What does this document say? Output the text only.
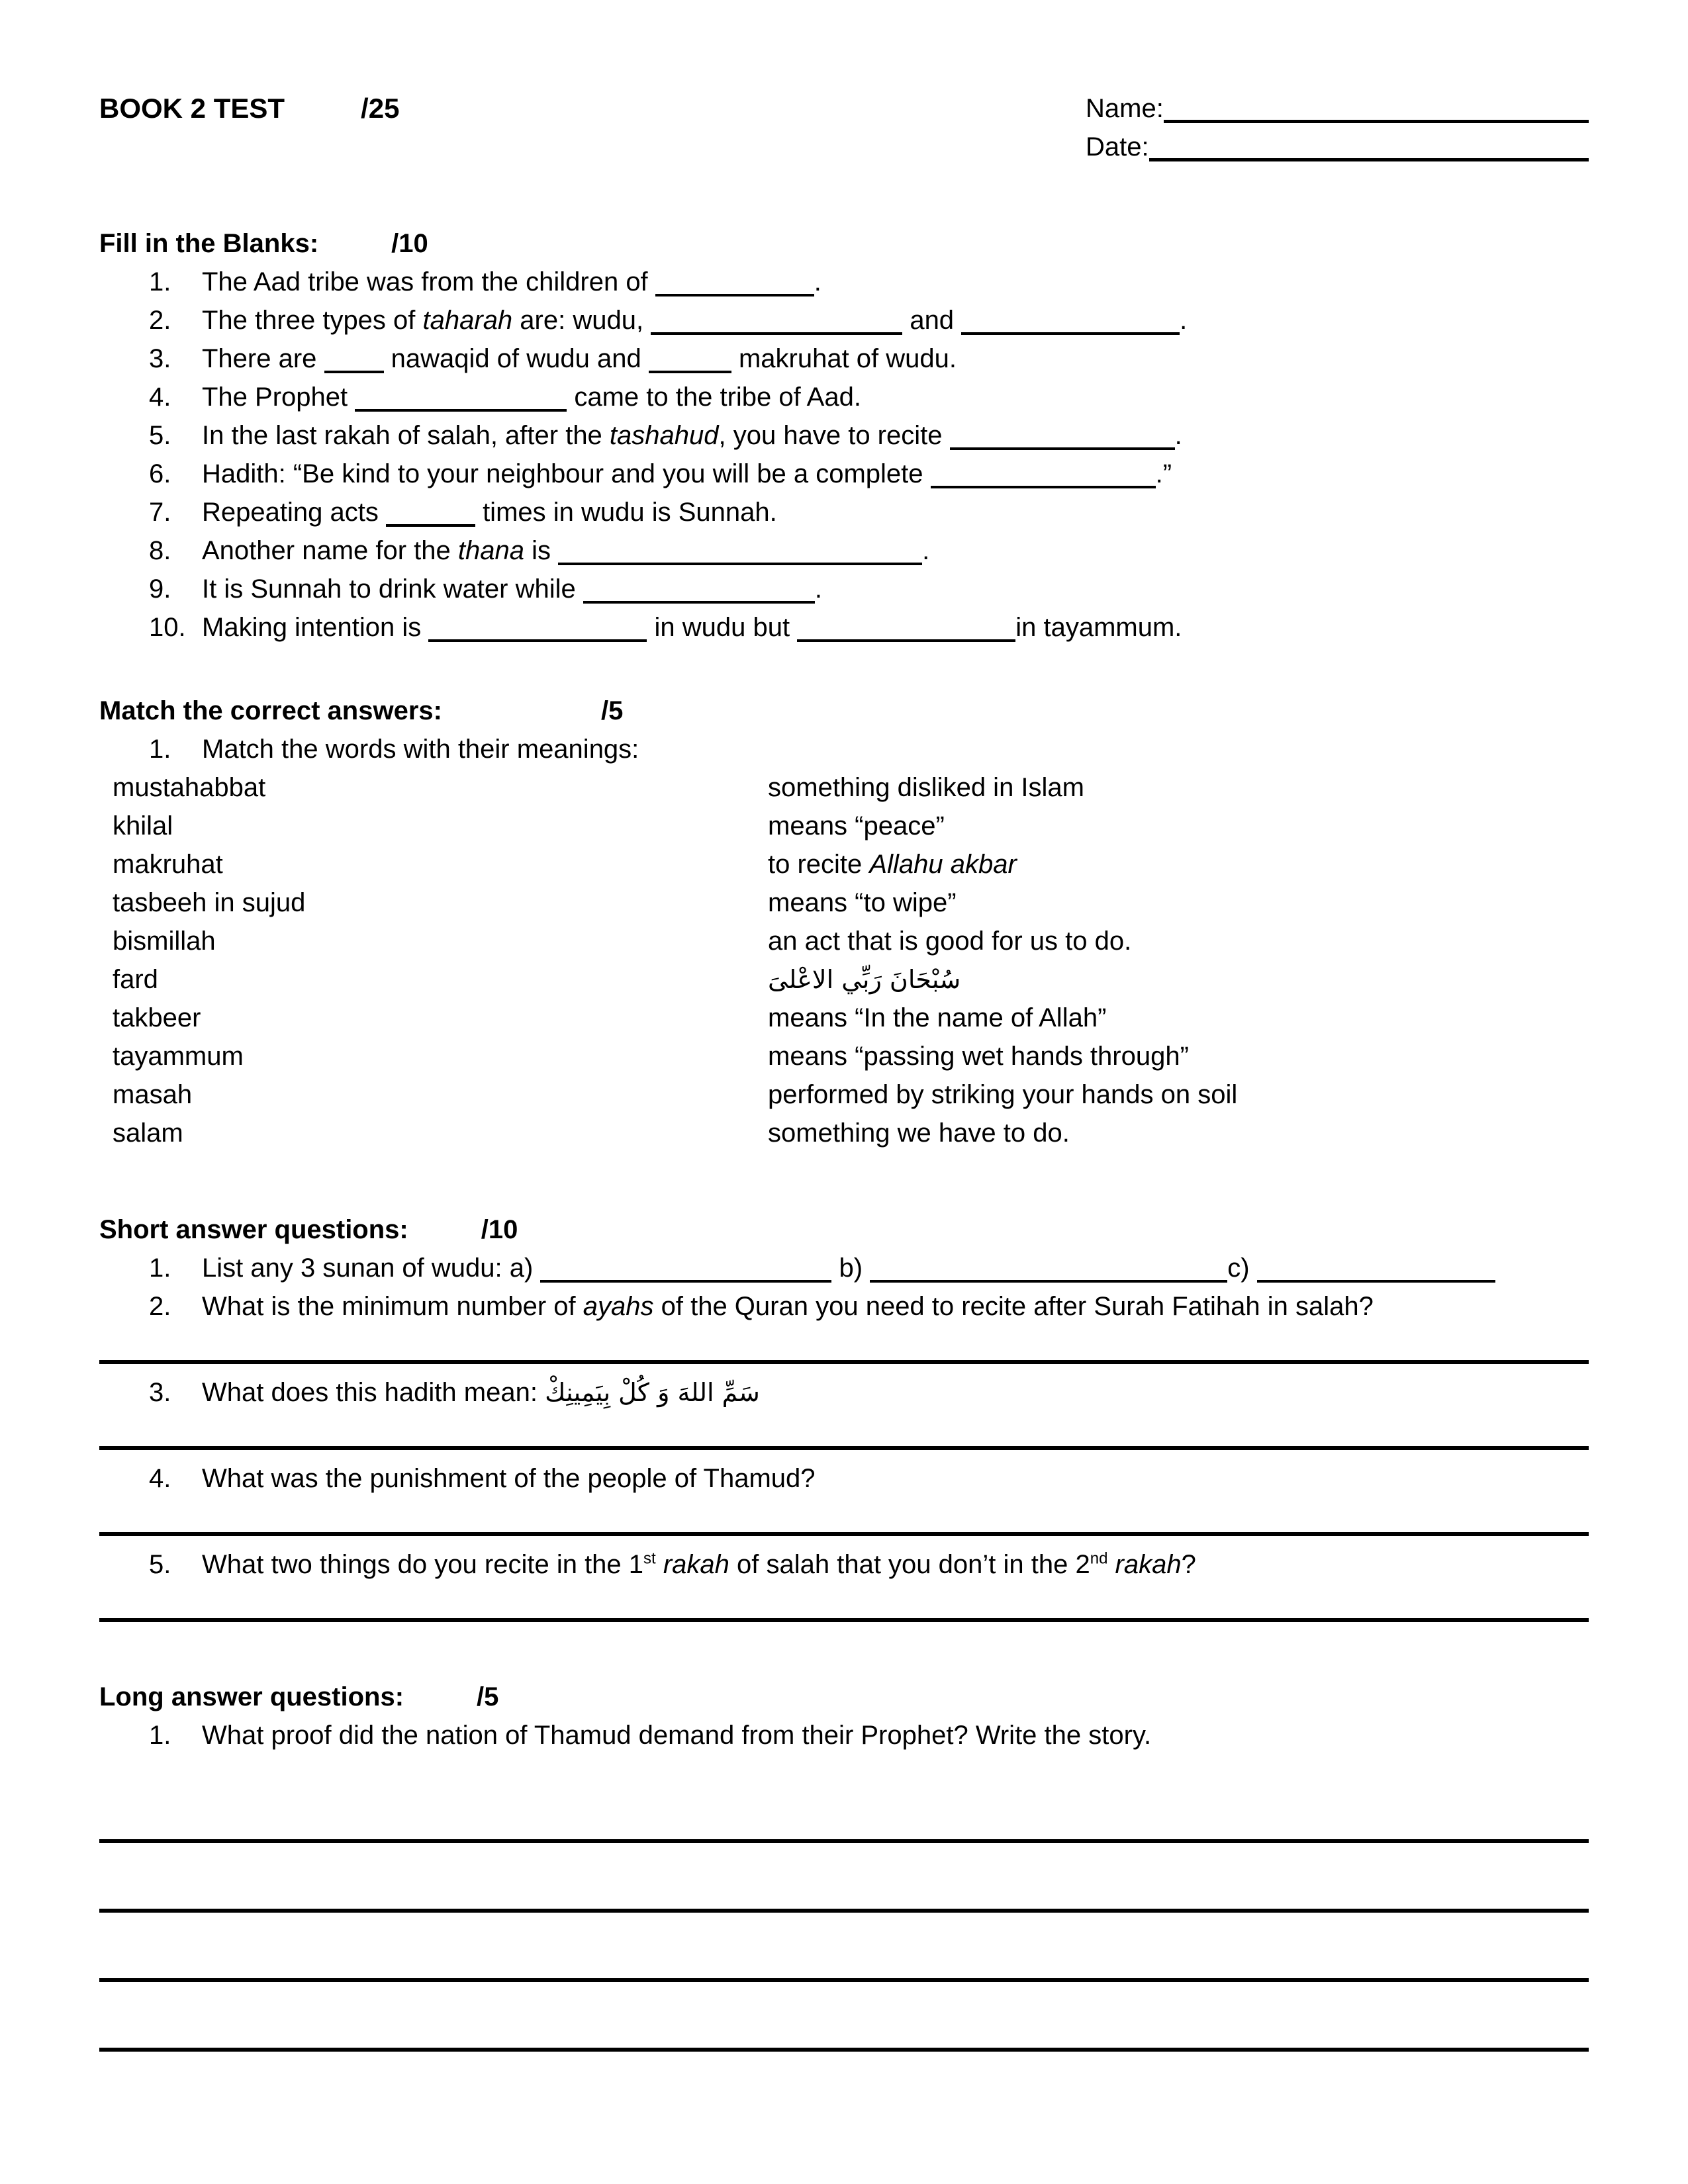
BOOK 2 TEST	/25	Name:
Date:
Fill in the Blanks:	/10
1.	The Aad tribe was from the children of	.
2.	The three types of taharah are: wudu,	and	.
3.	There are  nawaqid of wudu and	makruhat of wudu.
4.	The Prophet	came to the tribe of Aad.
5.	In the last rakah of salah, after the tashahud, you have to recite	.
6.	Hadith: “Be kind to your neighbour and you will be a complete	.”
7.	Repeating acts	times in wudu is Sunnah.
8.	Another name for the thana is	.
9.	It is Sunnah to drink water while	.
10. Making intention is	in wudu but	in tayammum.
Match the correct answers:	/5
1.	Match the words with their meanings:
mustahabbat	something disliked in Islam
khilal	means “peace”
makruhat	to recite Allahu akbar
tasbeeh in sujud	means “to wipe”
bismillah	an act that is good for us to do.
fard	سُبْحَانَ رَبِّي الاعْلىَ
takbeer	means “In the name of Allah”
tayammum	means “passing wet hands through”
masah	performed by striking your hands on soil
salam	something we have to do.
Short answer questions:	/10
1.	List any 3 sunan of wudu: a)	b)	c)
2.	What is the minimum number of ayahs of the Quran you need to recite after Surah Fatihah in salah?
3.	What does this hadith mean: سَمِّ اللهَ وَ كُلْ بِيَمِينِكْ
4.	What was the punishment of the people of Thamud?
5.	What two things do you recite in the 1st rakah of salah that you don’t in the 2nd rakah?
Long answer questions:	/5
1.	What proof did the nation of Thamud demand from their Prophet? Write the story.
